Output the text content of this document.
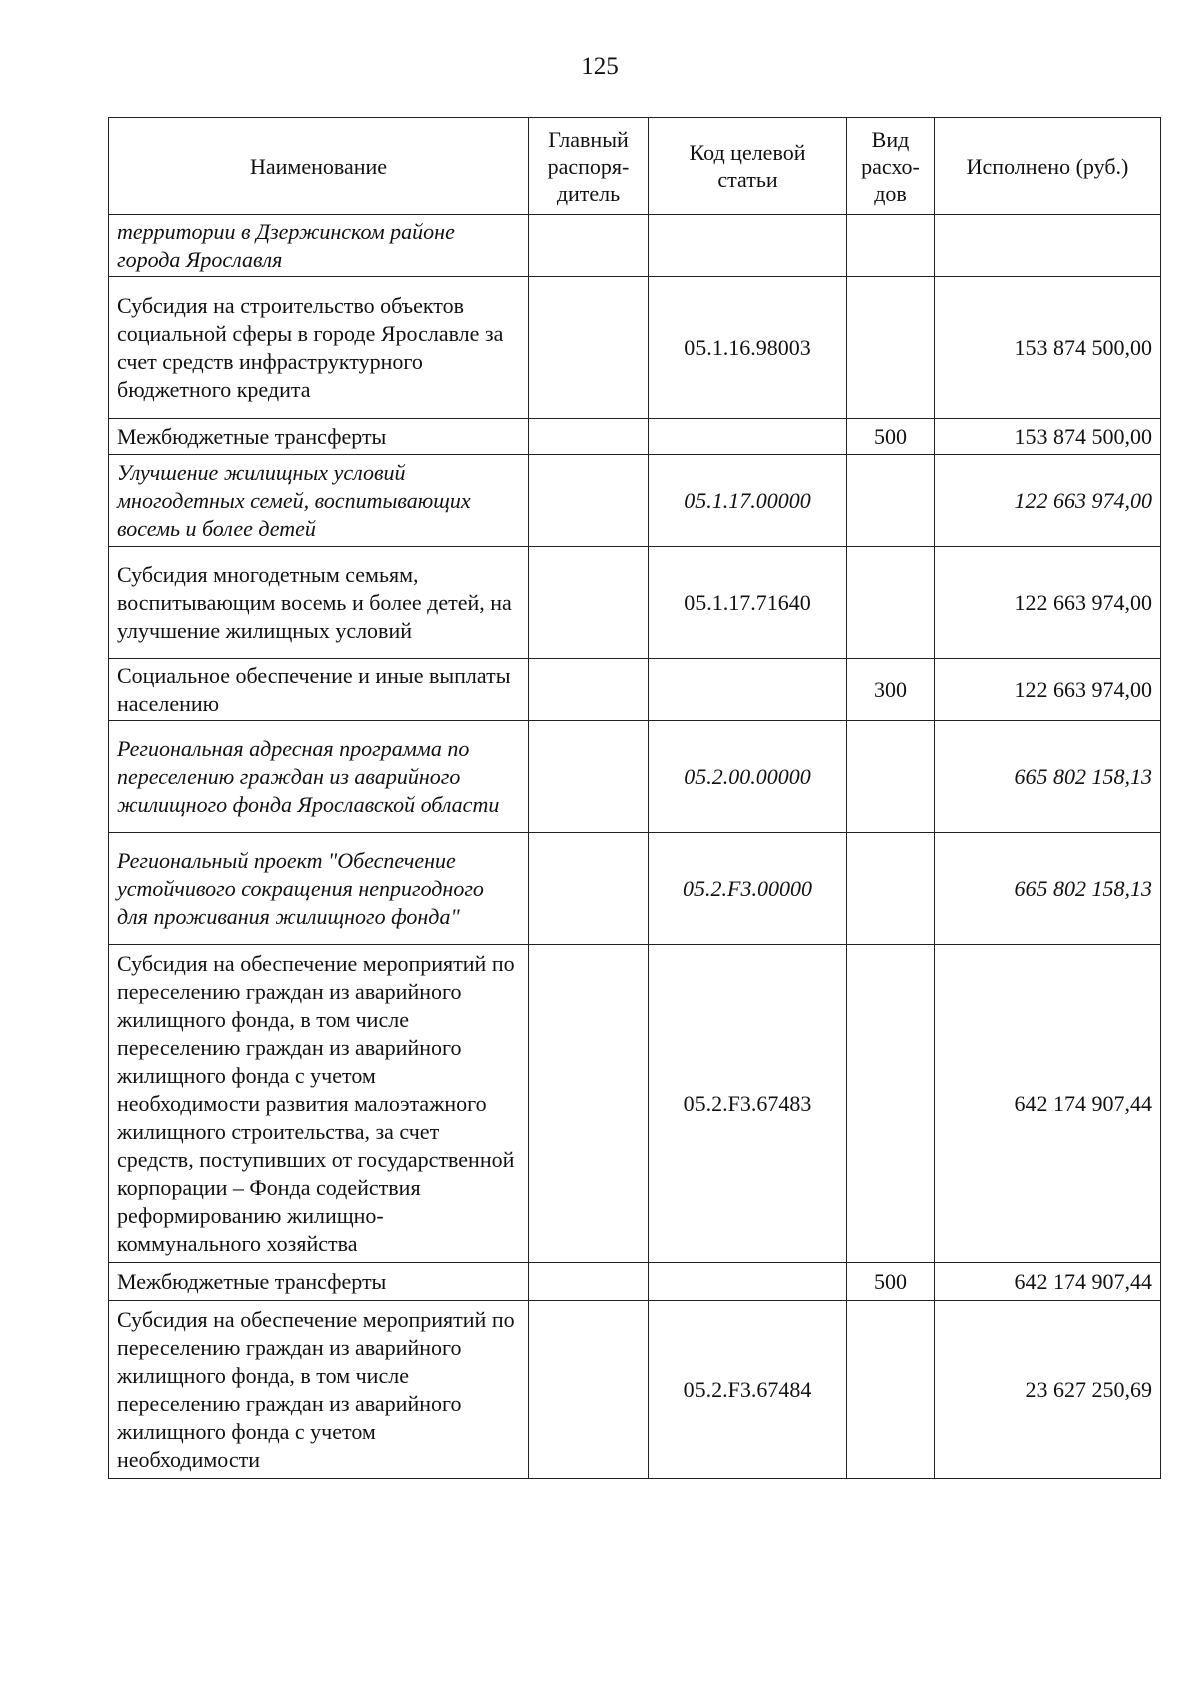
125
Наименование	Главный распоря-дитель	Код целевой статьи	Вид расхо-дов	Исполнено (руб.)
территории в Дзержинском районе города Ярославля				
Субсидия на строительство объектов социальной сферы в городе Ярославле за счет средств инфраструктурного бюджетного кредита		05.1.16.98003		153 874 500,00
Межбюджетные трансферты			500	153 874 500,00
Улучшение жилищных условий многодетных семей, воспитывающих восемь и более детей		05.1.17.00000		122 663 974,00
Субсидия многодетным семьям, воспитывающим восемь и более детей, на улучшение жилищных условий		05.1.17.71640		122 663 974,00
Социальное обеспечение и иные выплаты населению			300	122 663 974,00
Региональная адресная программа по переселению граждан из аварийного жилищного фонда Ярославской области		05.2.00.00000		665 802 158,13
Региональный проект "Обеспечение устойчивого сокращения непригодного для проживания жилищного фонда"		05.2.F3.00000		665 802 158,13
Субсидия на обеспечение мероприятий по переселению граждан из аварийного жилищного фонда, в том числе переселению граждан из аварийного жилищного фонда с учетом необходимости развития малоэтажного жилищного строительства, за счет средств, поступивших от государственной корпорации – Фонда содействия реформированию жилищно-коммунального хозяйства		05.2.F3.67483		642 174 907,44
Межбюджетные трансферты			500	642 174 907,44
Субсидия на обеспечение мероприятий по переселению граждан из аварийного жилищного фонда, в том числе переселению граждан из аварийного жилищного фонда с учетом необходимости		05.2.F3.67484		23 627 250,69
